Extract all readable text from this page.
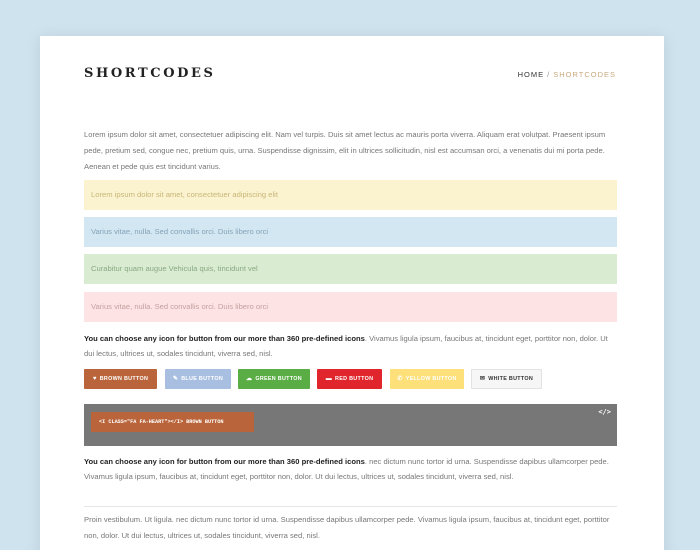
SHORTCODES	HOME / SHORTCODES

Lorem ipsum dolor sit amet, consectetuer adipiscing elit. Nam vel turpis. Duis sit amet lectus ac mauris porta viverra. Aliquam erat volutpat. Praesent ipsum pede, pretium sed, congue nec, pretium quis, urna. Suspendisse dignissim, elit in ultrices sollicitudin, nisl est accumsan orci, a venenatis dui mi porta pede. Aenean et pede quis est tincidunt varius.

Lorem ipsum dolor sit amet, consectetuer adipiscing elit
Varius vitae, nulla. Sed convallis orci. Duis libero orci
Curabitur quam augue Vehicula quis, tincidunt vel
Varius vitae, nulla. Sed convallis orci. Duis libero orci

You can choose any icon for button from our more than 360 pre-defined icons. Vivamus ligula ipsum, faucibus at, tincidunt eget, porttitor non, dolor. Ut dui lectus, ultrices ut, sodales tincidunt, viverra sed, nisl.

♥ BROWN BUTTON	✎ BLUE BUTTON	☁ GREEN BUTTON	▬ RED BUTTON	✆ YELLOW BUTTON	✉ WHITE BUTTON
</>
<I CLASS="FA FA-HEART"></I> BROWN BUTTON

You can choose any icon for button from our more than 360 pre-defined icons. nec dictum nunc tortor id urna. Suspendisse dapibus ullamcorper pede. Vivamus ligula ipsum, faucibus at, tincidunt eget, porttitor non, dolor. Ut dui lectus, ultrices ut, sodales tincidunt, viverra sed, nisl.

Proin vestibulum. Ut ligula. nec dictum nunc tortor id urna. Suspendisse dapibus ullamcorper pede. Vivamus ligula ipsum, faucibus at, tincidunt eget, porttitor non, dolor. Ut dui lectus, ultrices ut, sodales tincidunt, viverra sed, nisl.
